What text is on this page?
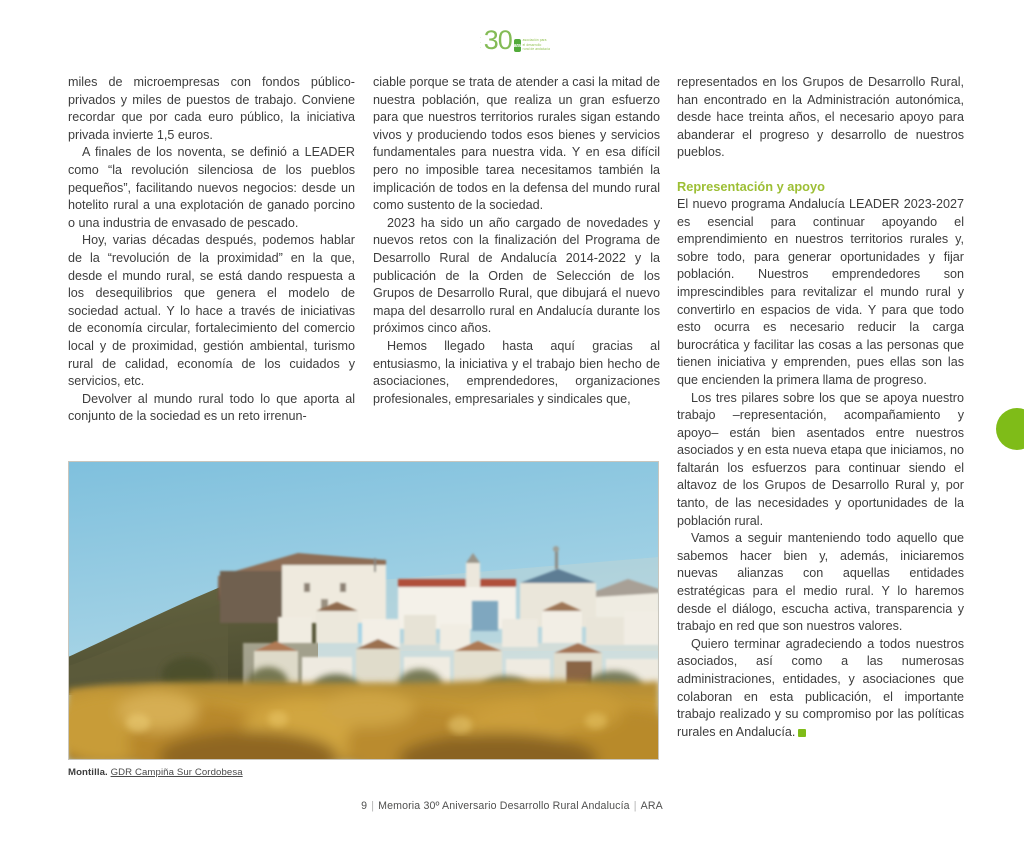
· · · 30 ara
asociación para
el desarrollo
rural de andalucía

miles de microempresas con fondos público-privados y miles de puestos de trabajo. Conviene recordar que por cada euro público, la iniciativa privada invierte 1,5 euros.

A finales de los noventa, se definió a LEADER como “la revolución silenciosa de los pueblos pequeños”, facilitando nuevos negocios: desde un hotelito rural a una explotación de ganado porcino o una industria de envasado de pescado.

Hoy, varias décadas después, podemos hablar de la “revolución de la proximidad” en la que, desde el mundo rural, se está dando respuesta a los desequilibrios que genera el modelo de sociedad actual. Y lo hace a través de iniciativas de economía circular, fortalecimiento del comercio local y de proximidad, gestión ambiental, turismo rural de calidad, economía de los cuidados y servicios, etc.

Devolver al mundo rural todo lo que aporta al conjunto de la sociedad es un reto irrenun-

ciable porque se trata de atender a casi la mitad de nuestra población, que realiza un gran esfuerzo para que nuestros territorios rurales sigan estando vivos y produciendo todos esos bienes y servicios fundamentales para nuestra vida. Y en esa difícil pero no imposible tarea necesitamos también la implicación de todos en la defensa del mundo rural como sustento de la sociedad.

2023 ha sido un año cargado de novedades y nuevos retos con la finalización del Programa de Desarrollo Rural de Andalucía 2014-2022 y la publicación de la Orden de Selección de los Grupos de Desarrollo Rural, que dibujará el nuevo mapa del desarrollo rural en Andalucía durante los próximos cinco años.

Hemos llegado hasta aquí gracias al entusiasmo, la iniciativa y el trabajo bien hecho de asociaciones, emprendedores, organizaciones profesionales, empresariales y sindicales que,

representados en los Grupos de Desarrollo Rural, han encontrado en la Administración autonómica, desde hace treinta años, el necesario apoyo para abanderar el progreso y desarrollo de nuestros pueblos.

Representación y apoyo

El nuevo programa Andalucía LEADER 2023-2027 es esencial para continuar apoyando el emprendimiento en nuestros territorios rurales y, sobre todo, para generar oportunidades y fijar población. Nuestros emprendedores son imprescindibles para revitalizar el mundo rural y convertirlo en espacios de vida. Y para que todo esto ocurra es necesario reducir la carga burocrática y facilitar las cosas a las personas que tienen iniciativa y emprenden, pues ellas son las que encienden la primera llama de progreso.

Los tres pilares sobre los que se apoya nuestro trabajo –representación, acompañamiento y apoyo– están bien asentados entre nuestros asociados y en esta nueva etapa que iniciamos, no faltarán los esfuerzos para continuar siendo el altavoz de los Grupos de Desarrollo Rural y, por tanto, de las necesidades y oportunidades de la población rural.

Vamos a seguir manteniendo todo aquello que sabemos hacer bien y, además, iniciaremos nuevas alianzas con aquellas entidades estratégicas para el medio rural. Y lo haremos desde el diálogo, escucha activa, transparencia y trabajo en red que son nuestros valores.

Quiero terminar agradeciendo a todos nuestros asociados, así como a las numerosas administraciones, entidades, y asociaciones que colaboran en esta publicación, el importante trabajo realizado y su compromiso por las políticas rurales en Andalucía.

Montilla. GDR Campiña Sur Cordobesa
9 | Memoria 30º Aniversario Desarrollo Rural Andalucía | ARA
